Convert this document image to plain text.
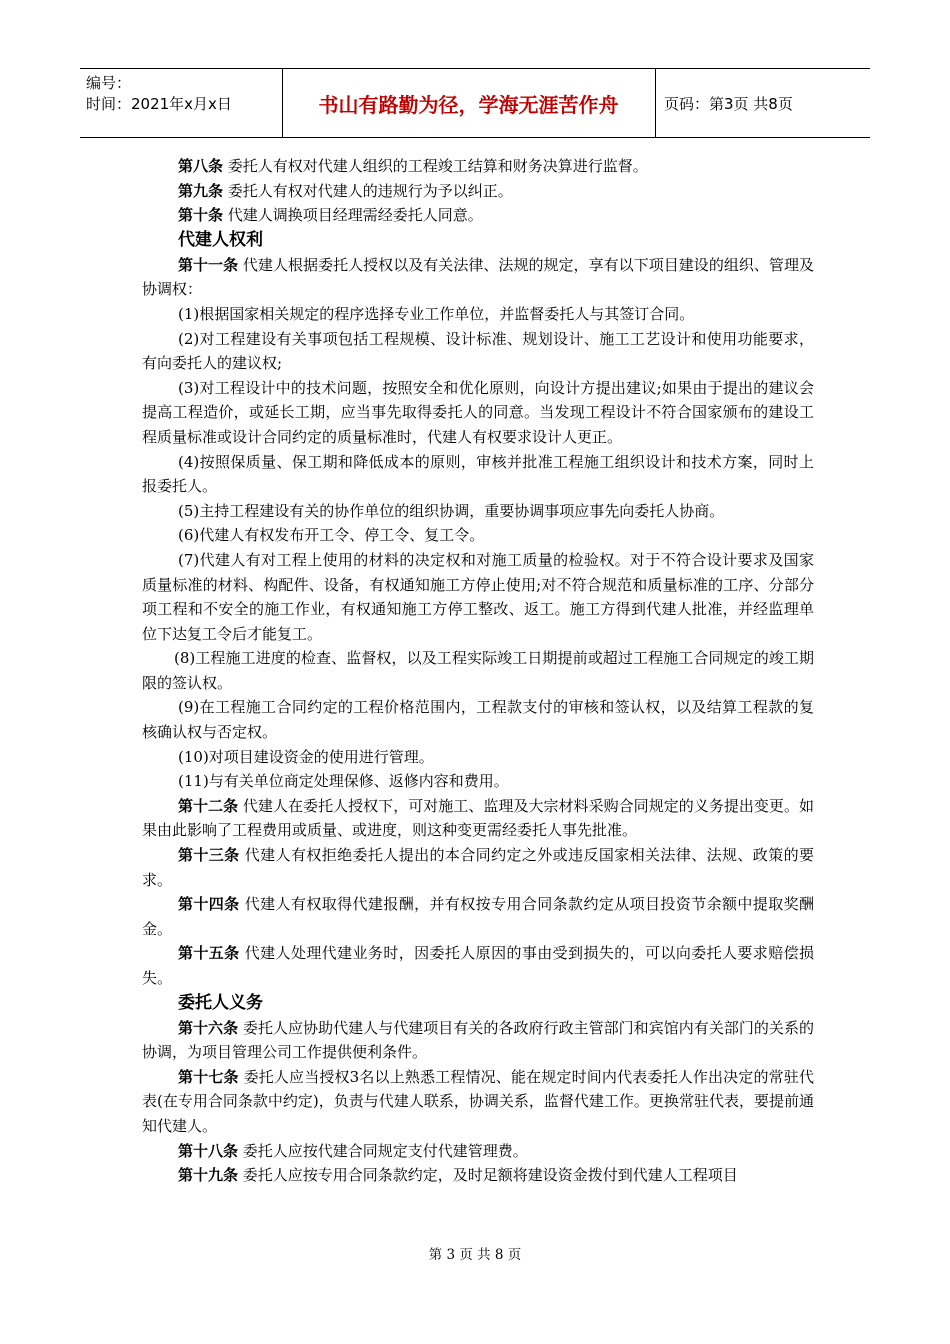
编号：
时间：2021年x月x日	书山有路勤为径，学海无涯苦作舟	页码：第3页 共8页

第八条 委托人有权对代建人组织的工程竣工结算和财务决算进行监督。

第九条 委托人有权对代建人的违规行为予以纠正。

第十条 代建人调换项目经理需经委托人同意。

代建人权利

第十一条 代建人根据委托人授权以及有关法律、法规的规定，享有以下项目建设的组织、管理及协调权：

(1)根据国家相关规定的程序选择专业工作单位，并监督委托人与其签订合同。

(2)对工程建设有关事项包括工程规模、设计标准、规划设计、施工工艺设计和使用功能要求，有向委托人的建议权;

(3)对工程设计中的技术问题，按照安全和优化原则，向设计方提出建议;如果由于提出的建议会提高工程造价，或延长工期，应当事先取得委托人的同意。当发现工程设计不符合国家颁布的建设工程质量标准或设计合同约定的质量标准时，代建人有权要求设计人更正。

(4)按照保质量、保工期和降低成本的原则，审核并批准工程施工组织设计和技术方案，同时上报委托人。

(5)主持工程建设有关的协作单位的组织协调，重要协调事项应事先向委托人协商。

(6)代建人有权发布开工令、停工令、复工令。

(7)代建人有对工程上使用的材料的决定权和对施工质量的检验权。对于不符合设计要求及国家质量标准的材料、构配件、设备，有权通知施工方停止使用;对不符合规范和质量标准的工序、分部分项工程和不安全的施工作业，有权通知施工方停工整改、返工。施工方得到代建人批准，并经监理单位下达复工令后才能复工。

(8)工程施工进度的检查、监督权，以及工程实际竣工日期提前或超过工程施工合同规定的竣工期限的签认权。

(9)在工程施工合同约定的工程价格范围内，工程款支付的审核和签认权，以及结算工程款的复核确认权与否定权。

(10)对项目建设资金的使用进行管理。

(11)与有关单位商定处理保修、返修内容和费用。

第十二条 代建人在委托人授权下，可对施工、监理及大宗材料采购合同规定的义务提出变更。如果由此影响了工程费用或质量、或进度，则这种变更需经委托人事先批准。

第十三条 代建人有权拒绝委托人提出的本合同约定之外或违反国家相关法律、法规、政策的要求。

第十四条 代建人有权取得代建报酬，并有权按专用合同条款约定从项目投资节余额中提取奖酬金。

第十五条 代建人处理代建业务时，因委托人原因的事由受到损失的，可以向委托人要求赔偿损失。

委托人义务

第十六条 委托人应协助代建人与代建项目有关的各政府行政主管部门和宾馆内有关部门的关系的协调，为项目管理公司工作提供便利条件。

第十七条 委托人应当授权3名以上熟悉工程情况、能在规定时间内代表委托人作出决定的常驻代表(在专用合同条款中约定)，负责与代建人联系，协调关系，监督代建工作。更换常驻代表，要提前通知代建人。

第十八条 委托人应按代建合同规定支付代建管理费。

第十九条 委托人应按专用合同条款约定，及时足额将建设资金拨付到代建人工程项目

第 3 页 共 8 页
